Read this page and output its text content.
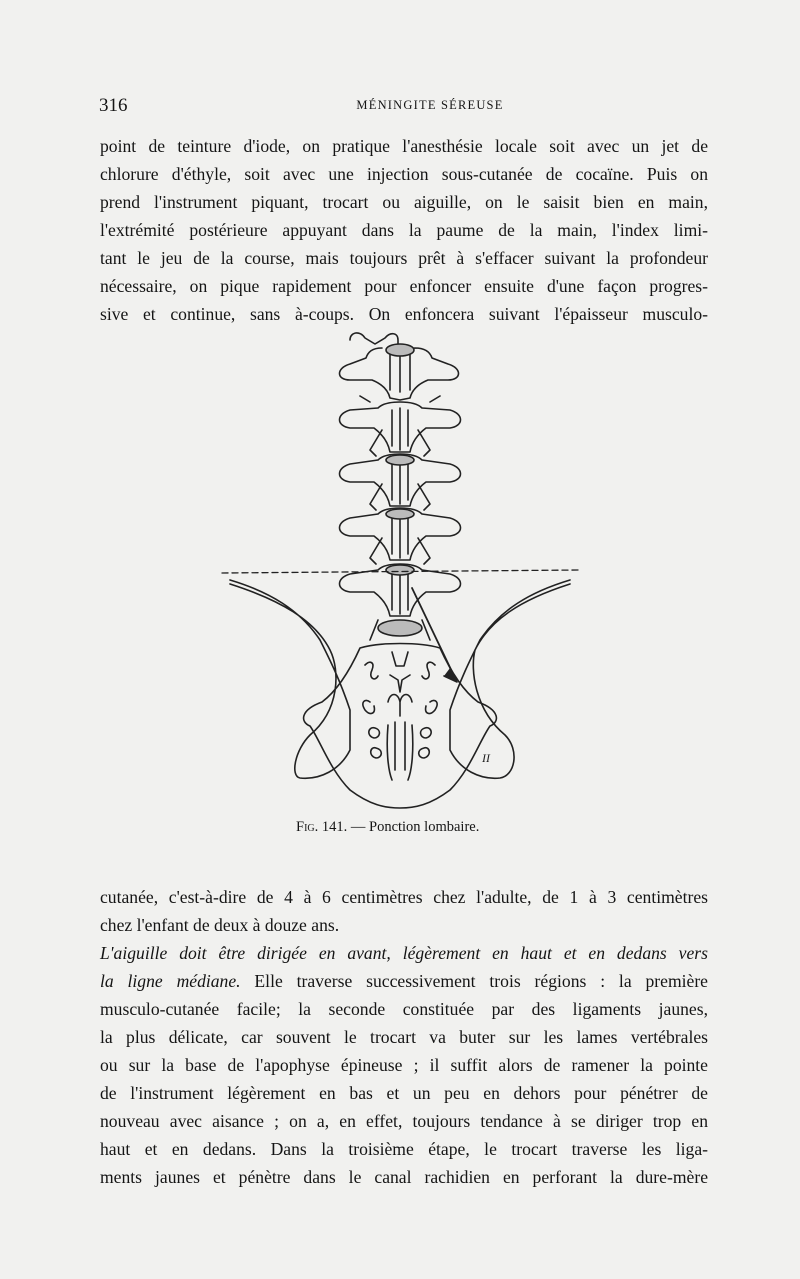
316	MÉNINGITE SÉREUSE

point de teinture d'iode, on pratique l'anesthésie locale soit avec un jet de
chlorure d'éthyle, soit avec une injection sous-cutanée de cocaïne. Puis on
prend l'instrument piquant, trocart ou aiguille, on le saisit bien en main,
l'extrémité postérieure appuyant dans la paume de la main, l'index limi-
tant le jeu de la course, mais toujours prêt à s'effacer suivant la profondeur
nécessaire, on pique rapidement pour enfoncer ensuite d'une façon progres-
sive et continue, sans à-coups. On enfoncera suivant l'épaisseur musculo-

II
Fig. 141. — Ponction lombaire.

cutanée, c'est-à-dire de 4 à 6 centimètres chez l'adulte, de 1 à 3 centimètres
chez l'enfant de deux à douze ans.

L'aiguille doit être dirigée en avant, légèrement en haut et en dedans vers
la ligne médiane. Elle traverse successivement trois régions : la première
musculo-cutanée facile; la seconde constituée par des ligaments jaunes,
la plus délicate, car souvent le trocart va buter sur les lames vertébrales
ou sur la base de l'apophyse épineuse ; il suffit alors de ramener la pointe
de l'instrument légèrement en bas et un peu en dehors pour pénétrer de
nouveau avec aisance ; on a, en effet, toujours tendance à se diriger trop en
haut et en dedans. Dans la troisième étape, le trocart traverse les liga-
ments jaunes et pénètre dans le canal rachidien en perforant la dure-mère
